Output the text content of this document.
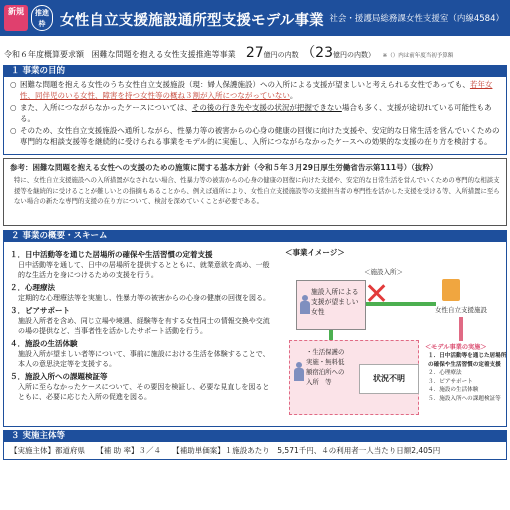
新規	推進枠	女性自立支援施設通所型支援モデル事業 社会・援護局総務課女性支援室（内線4584）
令和６年度概算要求額 困難な問題を抱える女性支援推進等事業 27億円の内数 （23億円の内数） ※（）内は前年度当初予算額
１ 事業の目的
○ 困難な問題を抱える女性のうち女性自立支援施設（現：婦人保護施設）への入所による支援が望ましいと考えられる女性であっても、若年女性、同伴児のいる女性、障害を持つ女性等の概ね３割が入所につながっていない。
○ また、入所につながらなかったケースについては、その後の行き先や支援の状況が把握できない場合も多く、支援が途切れている可能性もある。
○ そのため、女性自立支援施設へ通所しながら、性暴力等の被害からの心身の健康の回復に向けた支援や、安定的な日常生活を営んでいくための専門的な相談支援等を継続的に受けられる事業をモデル的に実施し、入所につながらなかったケースへの効果的な支援の在り方を検討する。
参考：困難な問題を抱える女性への支援のための施策に関する基本方針（令和５年３月29日厚生労働省告示第111号）（抜粋）
特に、女性自立支援施設への入所措置がなされない場合、性暴力等の被害からの心身の健康の回復に向けた支援や、安定的な日常生活を営んでいくための専門的な相談支援等を継続的に受けることが難しいとの指摘もあることから、例えば通所により、女性自立支援施設等の支援担当者の専門性を活かした支援を受ける等、入所措置に至らない場合の新たな専門的支援の在り方について、検討を深めていくことが必要である。
２ 事業の概要・スキーム
１．日中活動等を通じた居場所の確保や生活習慣の定着支援
日中活動等を通して、日中の居場所を提供するとともに、就業意欲を高め、一般的な生活力を身につけるための支援を行う。
２．心理療法
定期的な心理療法等を実施し、性暴力等の被害からの心身の健康の回復を図る。
３．ピアサポート
施設入所者を含め、同じ立場や境遇、経験等を有する女性同士の情報交換や交流の場の提供など、当事者性を活かしたサポート活動を行う。
４．施設の生活体験
施設入所が望ましい者等について、事前に施設における生活を体験することで、本人の意思決定等を支援する。
５．施設入所への課題検証等
入所に至らなかったケースについて、その要因を検証し、必要な見直しを図るとともに、必要に応じた入所の促進を図る。
＜事業イメージ＞
＜施設入所＞
施設入所による支援が望ましい女性	✕	女性自立支援施設
・生活保護の実施・無料低額宿泊所への入所　等	状況不明
＜モデル事業の実施＞
１．日中活動等を通じた居場所の確保や生活習慣の定着支援
２．心理療法
３．ピアサポート
４．施設の生活体験
５．施設入所への課題検証等
３ 実施主体等
【実施主体】都道府県　　【補 助 率】３／４　　【補助単価案】１施設あたり　5,571千円、４の利用者一人当たり日額2,405円
